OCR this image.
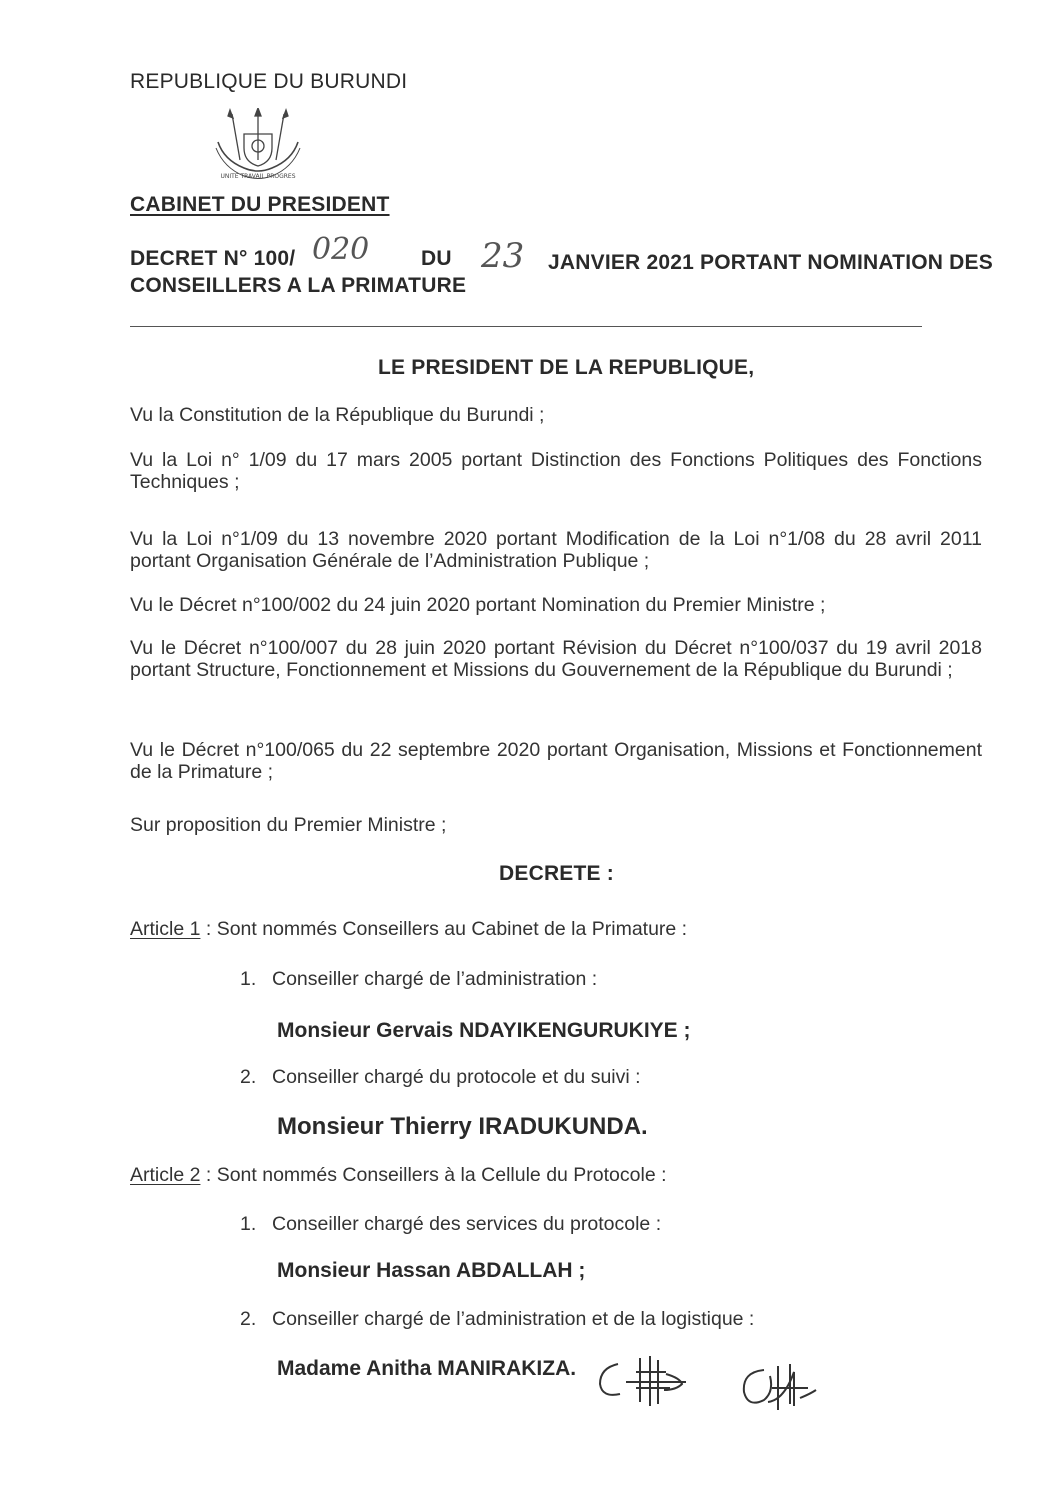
REPUBLIQUE DU BURUNDI
UNITE TRAVAIL PROGRES
CABINET DU PRESIDENT
DECRET N° 100/ 020 DU 23 JANVIER 2021 PORTANT NOMINATION DES
CONSEILLERS A LA PRIMATURE
LE PRESIDENT DE LA REPUBLIQUE,
Vu la Constitution de la République du Burundi ;
Vu la Loi n° 1/09 du 17 mars 2005 portant Distinction des Fonctions Politiques des Fonctions Techniques ;
Vu la Loi n°1/09 du 13 novembre 2020 portant Modification de la Loi n°1/08 du 28 avril 2011 portant Organisation Générale de l’Administration Publique ;
Vu le Décret n°100/002 du 24 juin 2020 portant Nomination du Premier Ministre ;
Vu le Décret n°100/007 du 28 juin 2020 portant Révision du Décret n°100/037 du 19 avril 2018 portant Structure, Fonctionnement et Missions du Gouvernement de la République du Burundi ;
Vu le Décret n°100/065 du 22 septembre 2020 portant Organisation, Missions et Fonctionnement de la Primature ;
Sur proposition du Premier Ministre ;
DECRETE :
Article 1 : Sont nommés Conseillers au Cabinet de la Primature :
1. Conseiller chargé de l’administration :
Monsieur Gervais NDAYIKENGURUKIYE ;
2. Conseiller chargé du protocole et du suivi :
Monsieur Thierry IRADUKUNDA.
Article 2 : Sont nommés Conseillers à la Cellule du Protocole :
1. Conseiller chargé des services du protocole :
Monsieur Hassan ABDALLAH ;
2. Conseiller chargé de l’administration et de la logistique :
Madame Anitha MANIRAKIZA.
